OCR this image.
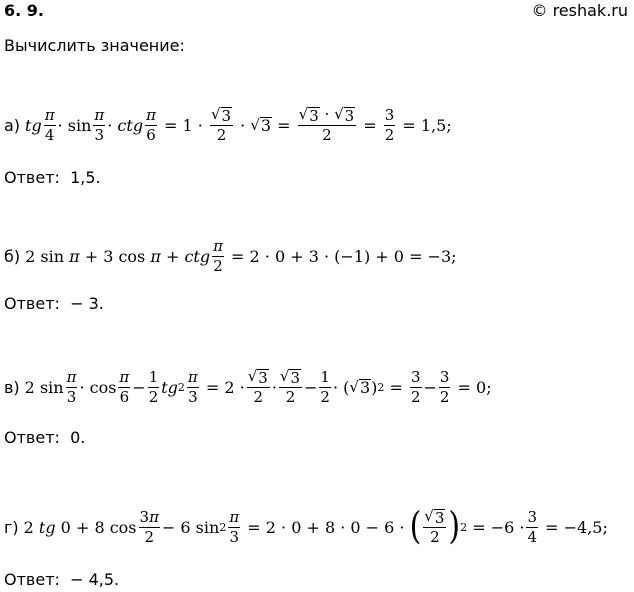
6. 9.	© reshak.ru
Вычислить значение:
а) tg $\frac{\pi}{4} \cdot \sin \frac{\pi}{3}$ · ctg $\frac{\pi}{6} = 1 \cdot \frac{√ 3}{2}$ · √ $3 = \frac{√ 3 \cdot √ 3}{2} = \frac{3}{2} = 1,5$;
Ответ: 1,5.
б) 2 sin π + 3 cos π + ctg $\frac{\pi}{2} = 2 \cdot 0 + 3 \cdot (-1) + 0 = -3$;
Ответ: − 3.
в) 2 $\sin \frac{\pi}{3} \cdot \cos \frac{\pi}{6} - \frac{1}{2}$ tg $2 \frac{\pi}{3} = 2 \cdot \frac{√ 3}{2} \cdot \frac{√ 3}{2} - \frac{1}{2}$ · ( √ 3 ) $2 = \frac{3}{2} - \frac{3}{2} = 0$;
Ответ: 0.
г) 2 tg 0 + 8 $\cos \frac{3\pi}{2} - 6$ $\sin 2 \frac{\pi}{3} = 2 \cdot 0 + 8 \cdot 0 - 6$ · ( $\frac{√ 3}{2}$ ) $2 = -6 \cdot \frac{3}{4} = -4,5$;
Ответ: − 4,5.
